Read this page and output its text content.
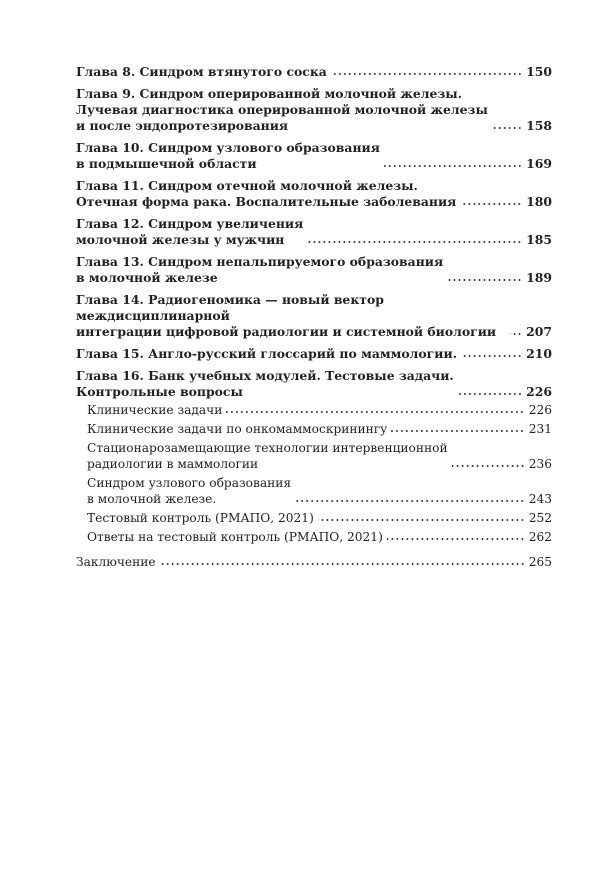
Глава 8. Синдром втянутого соска	150
Глава 9. Синдром оперированной молочной железы.
Лучевая диагностика оперированной молочной железы
и после эндопротезирования	158
Глава 10. Синдром узлового образования
в подмышечной области	169
Глава 11. Синдром отечной молочной железы.
Отечная форма рака. Воспалительные заболевания	180
Глава 12. Синдром увеличения
молочной железы у мужчин	185
Глава 13. Синдром непальпируемого образования
в молочной железе	189
Глава 14. Радиогеномика — новый вектор междисциплинарной
интеграции цифровой радиологии и системной биологии	207
Глава 15. Англо-русский глоссарий по маммологии.	210
Глава 16. Банк учебных модулей. Тестовые задачи.
Контрольные вопросы	226
Клинические задачи	226
Клинические задачи по онкомаммоскринингу	231
Стационарозамещающие технологии интервенционной
радиологии в маммологии	236
Синдром узлового образования
в молочной железе.	243
Тестовый контроль (РМАПО, 2021)	252
Ответы на тестовый контроль (РМАПО, 2021)	262
Заключение	265
